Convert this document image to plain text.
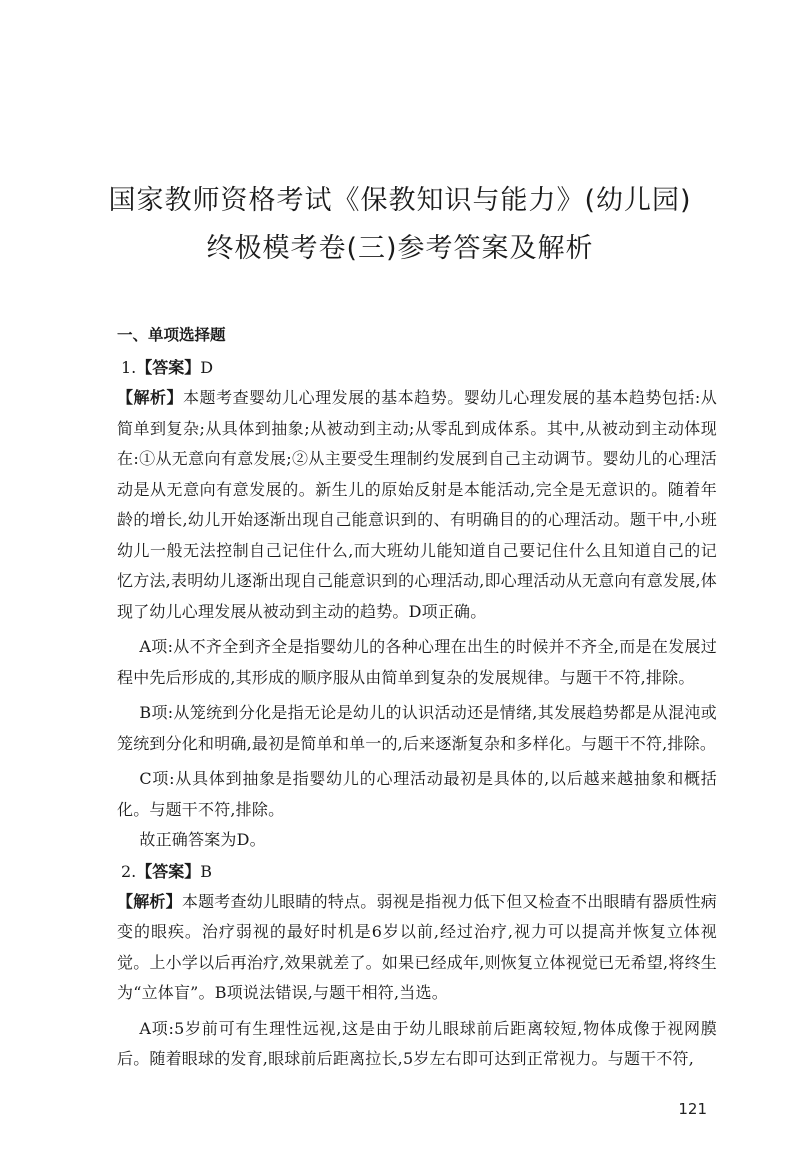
国家教师资格考试《保教知识与能力》(幼儿园)
终极模考卷(三)参考答案及解析

一、单项选择题

1.【答案】D

【解析】本题考查婴幼儿心理发展的基本趋势。婴幼儿心理发展的基本趋势包括:从简单到复杂;从具体到抽象;从被动到主动;从零乱到成体系。其中,从被动到主动体现在:①从无意向有意发展;②从主要受生理制约发展到自己主动调节。婴幼儿的心理活动是从无意向有意发展的。新生儿的原始反射是本能活动,完全是无意识的。随着年龄的增长,幼儿开始逐渐出现自己能意识到的、有明确目的的心理活动。题干中,小班幼儿一般无法控制自己记住什么,而大班幼儿能知道自己要记住什么且知道自己的记忆方法,表明幼儿逐渐出现自己能意识到的心理活动,即心理活动从无意向有意发展,体现了幼儿心理发展从被动到主动的趋势。D项正确。

A项:从不齐全到齐全是指婴幼儿的各种心理在出生的时候并不齐全,而是在发展过程中先后形成的,其形成的顺序服从由简单到复杂的发展规律。与题干不符,排除。

B项:从笼统到分化是指无论是幼儿的认识活动还是情绪,其发展趋势都是从混沌或笼统到分化和明确,最初是简单和单一的,后来逐渐复杂和多样化。与题干不符,排除。

C项:从具体到抽象是指婴幼儿的心理活动最初是具体的,以后越来越抽象和概括化。与题干不符,排除。

故正确答案为D。

2.【答案】B

【解析】本题考查幼儿眼睛的特点。弱视是指视力低下但又检查不出眼睛有器质性病变的眼疾。治疗弱视的最好时机是6岁以前,经过治疗,视力可以提高并恢复立体视觉。上小学以后再治疗,效果就差了。如果已经成年,则恢复立体视觉已无希望,将终生为“立体盲”。B项说法错误,与题干相符,当选。

A项:5岁前可有生理性远视,这是由于幼儿眼球前后距离较短,物体成像于视网膜后。随着眼球的发育,眼球前后距离拉长,5岁左右即可达到正常视力。与题干不符,

121
